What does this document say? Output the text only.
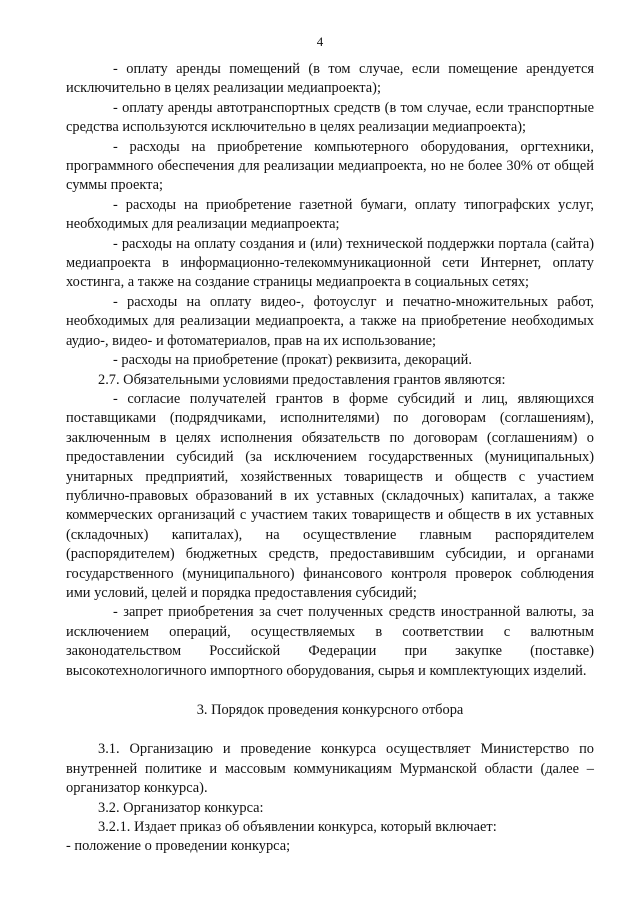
4

- оплату аренды помещений (в том случае, если помещение арендуется исключительно в целях реализации медиапроекта);

- оплату аренды автотранспортных средств (в том случае, если транспортные средства используются исключительно в целях реализации медиапроекта);

- расходы на приобретение компьютерного оборудования, оргтехники, программного обеспечения для реализации медиапроекта, но не более 30% от общей суммы проекта;

- расходы на приобретение газетной бумаги, оплату типографских услуг, необходимых для реализации медиапроекта;

- расходы на оплату создания и (или) технической поддержки портала (сайта) медиапроекта в информационно-телекоммуникационной сети Интернет, оплату хостинга, а также на создание страницы медиапроекта в социальных сетях;

- расходы на оплату видео-, фотоуслуг и печатно-множительных работ, необходимых для реализации медиапроекта, а также на приобретение необходимых аудио-, видео- и фотоматериалов, прав на их использование;

- расходы на приобретение (прокат) реквизита, декораций.

2.7. Обязательными условиями предоставления грантов являются:

- согласие получателей грантов в форме субсидий и лиц, являющихся поставщиками (подрядчиками, исполнителями) по договорам (соглашениям), заключенным в целях исполнения обязательств по договорам (соглашениям) о предоставлении субсидий (за исключением государственных (муниципальных) унитарных предприятий, хозяйственных товариществ и обществ с участием публично-правовых образований в их уставных (складочных) капиталах, а также коммерческих организаций с участием таких товариществ и обществ в их уставных (складочных) капиталах), на осуществление главным распорядителем (распорядителем) бюджетных средств, предоставившим субсидии, и органами государственного (муниципального) финансового контроля проверок соблюдения ими условий, целей и порядка предоставления субсидий;

- запрет приобретения за счет полученных средств иностранной валюты, за исключением операций, осуществляемых в соответствии с валютным законодательством Российской Федерации при закупке (поставке) высокотехнологичного импортного оборудования, сырья и комплектующих изделий.

3. Порядок проведения конкурсного отбора

3.1. Организацию и проведение конкурса осуществляет Министерство по внутренней политике и массовым коммуникациям Мурманской области (далее – организатор конкурса).

3.2. Организатор конкурса:

3.2.1. Издает приказ об объявлении конкурса, который включает:

- положение о проведении конкурса;
